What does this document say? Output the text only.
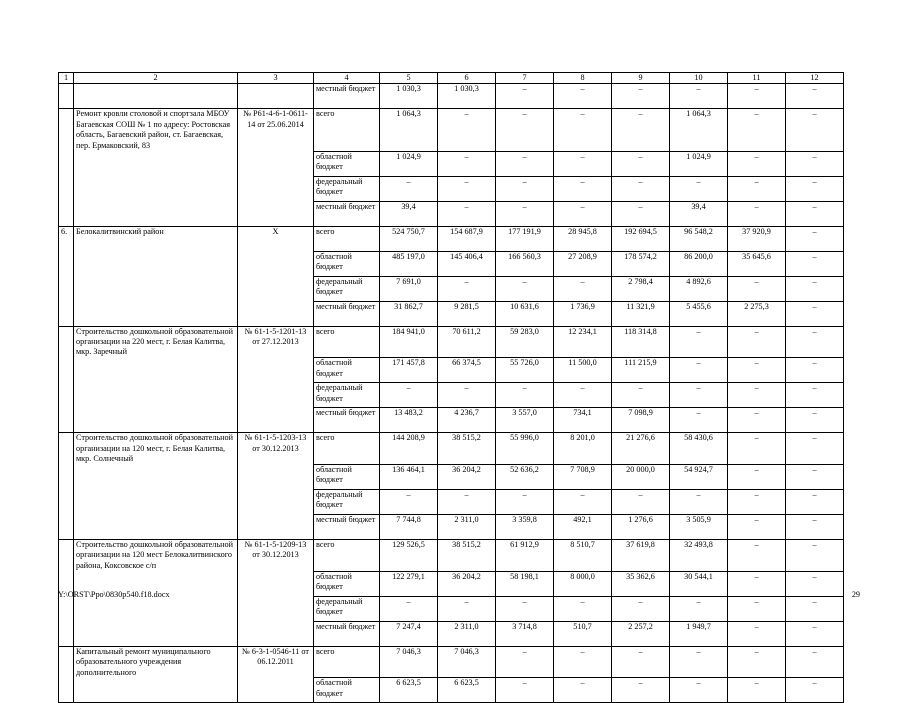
1	2	3	4	5	6	7	8	9	10	11	12
			местный бюджет	1 030,3	1 030,3	–	–	–	–	–	–
	Ремонт кровли столовой и спортзала МБОУ Багаевская СОШ № 1 по адресу: Ростовская область, Багаевский район, ст. Багаевская, пер. Ермаковский, 83	№ Р61-4-6-1-0611-14 от 25.06.2014	всего	1 064,3	–	–	–	–	1 064,3	–	–
			областной бюджет	1 024,9	–	–	–	–	1 024,9	–	–
			федеральный бюджет	–	–	–	–	–	–	–	–
			местный бюджет	39,4	–	–	–	–	39,4	–	–
6.	Белокалитвинский район	Х	всего	524 750,7	154 687,9	177 191,9	28 945,8	192 694,5	96 548,2	37 920,9	–
			областной бюджет	485 197,0	145 406,4	166 560,3	27 208,9	178 574,2	86 200,0	35 645,6	–
			федеральный бюджет	7 691,0	–	–	–	2 798,4	4 892,6	–	–
			местный бюджет	31 862,7	9 281,5	10 631,6	1 736,9	11 321,9	5 455,6	2 275,3	–
	Строительство дошкольной образовательной организации на 220 мест, г. Белая Калитва, мкр. Заречный	№ 61-1-5-1201-13 от 27.12.2013	всего	184 941,0	70 611,2	59 283,0	12 234,1	118 314,8	–	–	–
			областной бюджет	171 457,8	66 374,5	55 726,0	11 500,0	111 215,9	–	–	–
			федеральный бюджет	–	–	–	–	–	–	–	–
			местный бюджет	13 483,2	4 236,7	3 557,0	734,1	7 098,9	–	–	–
	Строительство дошкольной образовательной организации на 120 мест, г. Белая Калитва, мкр. Солнечный	№ 61-1-5-1203-13 от 30.12.2013	всего	144 208,9	38 515,2	55 996,0	8 201,0	21 276,6	58 430,6	–	–
			областной бюджет	136 464,1	36 204,2	52 636,2	7 708,9	20 000,0	54 924,7	–	–
			федеральный бюджет	–	–	–	–	–	–	–	–
			местный бюджет	7 744,8	2 311,0	3 359,8	492,1	1 276,6	3 505,9	–	–
	Строительство дошкольной образовательной организации на 120 мест Белокалитвинского района, Коксовское с/п	№ 61-1-5-1209-13 от 30.12.2013	всего	129 526,5	38 515,2	61 912,9	8 510,7	37 619,8	32 493,8	–	–
			областной бюджет	122 279,1	36 204,2	58 198,1	8 000,0	35 362,6	30 544,1	–	–
			федеральный бюджет	–	–	–	–	–	–	–	–
			местный бюджет	7 247,4	2 311,0	3 714,8	510,7	2 257,2	1 949,7	–	–
	Капитальный ремонт муниципального образовательного учреждения дополнительного	№ 6-3-1-0546-11 от 06.12.2011	всего	7 046,3	7 046,3	–	–	–	–	–	–
			областной бюджет	6 623,5	6 623,5	–	–	–	–	–	–
Y:\ORST\Ppo\0830p540.f18.docx	29
